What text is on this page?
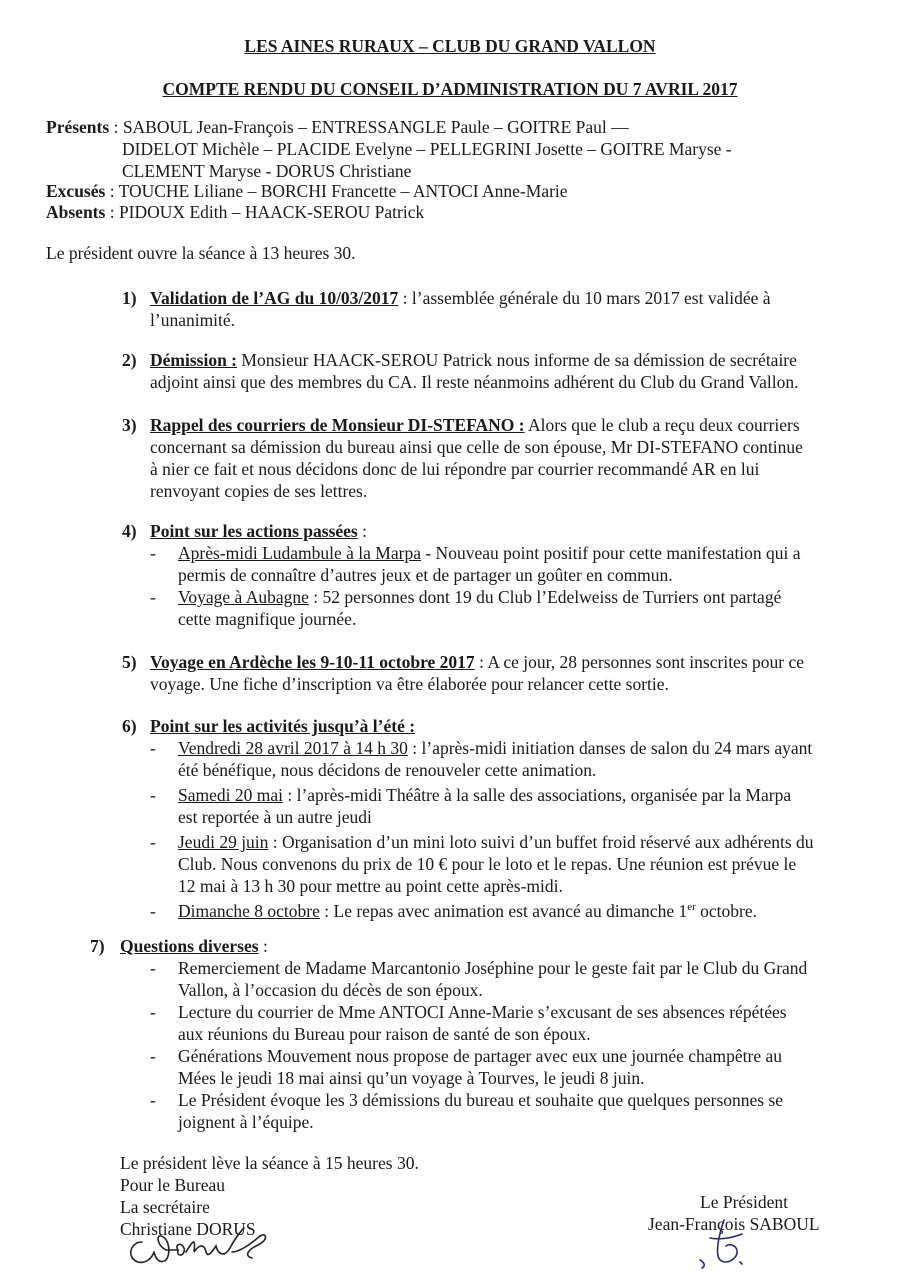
LES AINES RURAUX – CLUB DU GRAND VALLON
COMPTE RENDU DU CONSEIL D’ADMINISTRATION DU 7 AVRIL 2017
Présents : SABOUL Jean-François – ENTRESSANGLE Paule – GOITRE Paul —
DIDELOT Michèle – PLACIDE Evelyne – PELLEGRINI Josette – GOITRE Maryse -
CLEMENT Maryse - DORUS Christiane
Excusés : TOUCHE Liliane – BORCHI Francette – ANTOCI Anne-Marie
Absents : PIDOUX Edith – HAACK-SEROU Patrick
Le président ouvre la séance à 13 heures 30.
1) Validation de l’AG du 10/03/2017 : l’assemblée générale du 10 mars 2017 est validée à
l’unanimité.
2) Démission : Monsieur HAACK-SEROU Patrick nous informe de sa démission de secrétaire
adjoint ainsi que des membres du CA. Il reste néanmoins adhérent du Club du Grand Vallon.
3) Rappel des courriers de Monsieur DI-STEFANO : Alors que le club a reçu deux courriers
concernant sa démission du bureau ainsi que celle de son épouse, Mr DI-STEFANO continue
à nier ce fait et nous décidons donc de lui répondre par courrier recommandé AR en lui
renvoyant copies de ses lettres.
4) Point sur les actions passées :
- Après-midi Ludambule à la Marpa - Nouveau point positif pour cette manifestation qui a
permis de connaître d’autres jeux et de partager un goûter en commun.
- Voyage à Aubagne : 52 personnes dont 19 du Club l’Edelweiss de Turriers ont partagé
cette magnifique journée.
5) Voyage en Ardèche les 9-10-11 octobre 2017 : A ce jour, 28 personnes sont inscrites pour ce
voyage. Une fiche d’inscription va être élaborée pour relancer cette sortie.
6) Point sur les activités jusqu’à l’été :
- Vendredi 28 avril 2017 à 14 h 30 : l’après-midi initiation danses de salon du 24 mars ayant
été bénéfique, nous décidons de renouveler cette animation.
- Samedi 20 mai : l’après-midi Théâtre à la salle des associations, organisée par la Marpa
est reportée à un autre jeudi
- Jeudi 29 juin : Organisation d’un mini loto suivi d’un buffet froid réservé aux adhérents du
Club. Nous convenons du prix de 10 € pour le loto et le repas. Une réunion est prévue le
12 mai à 13 h 30 pour mettre au point cette après-midi.
- Dimanche 8 octobre : Le repas avec animation est avancé au dimanche 1er octobre.
7) Questions diverses :
- Remerciement de Madame Marcantonio Joséphine pour le geste fait par le Club du Grand
Vallon, à l’occasion du décès de son époux.
- Lecture du courrier de Mme ANTOCI Anne-Marie s’excusant de ses absences répétées
aux réunions du Bureau pour raison de santé de son époux.
- Générations Mouvement nous propose de partager avec eux une journée champêtre au
Mées le jeudi 18 mai ainsi qu’un voyage à Tourves, le jeudi 8 juin.
- Le Président évoque les 3 démissions du bureau et souhaite que quelques personnes se
joignent à l’équipe.
Le président lève la séance à 15 heures 30.
Pour le Bureau
La secrétaire
Christiane DORUS
Le Président
Jean-François SABOUL
